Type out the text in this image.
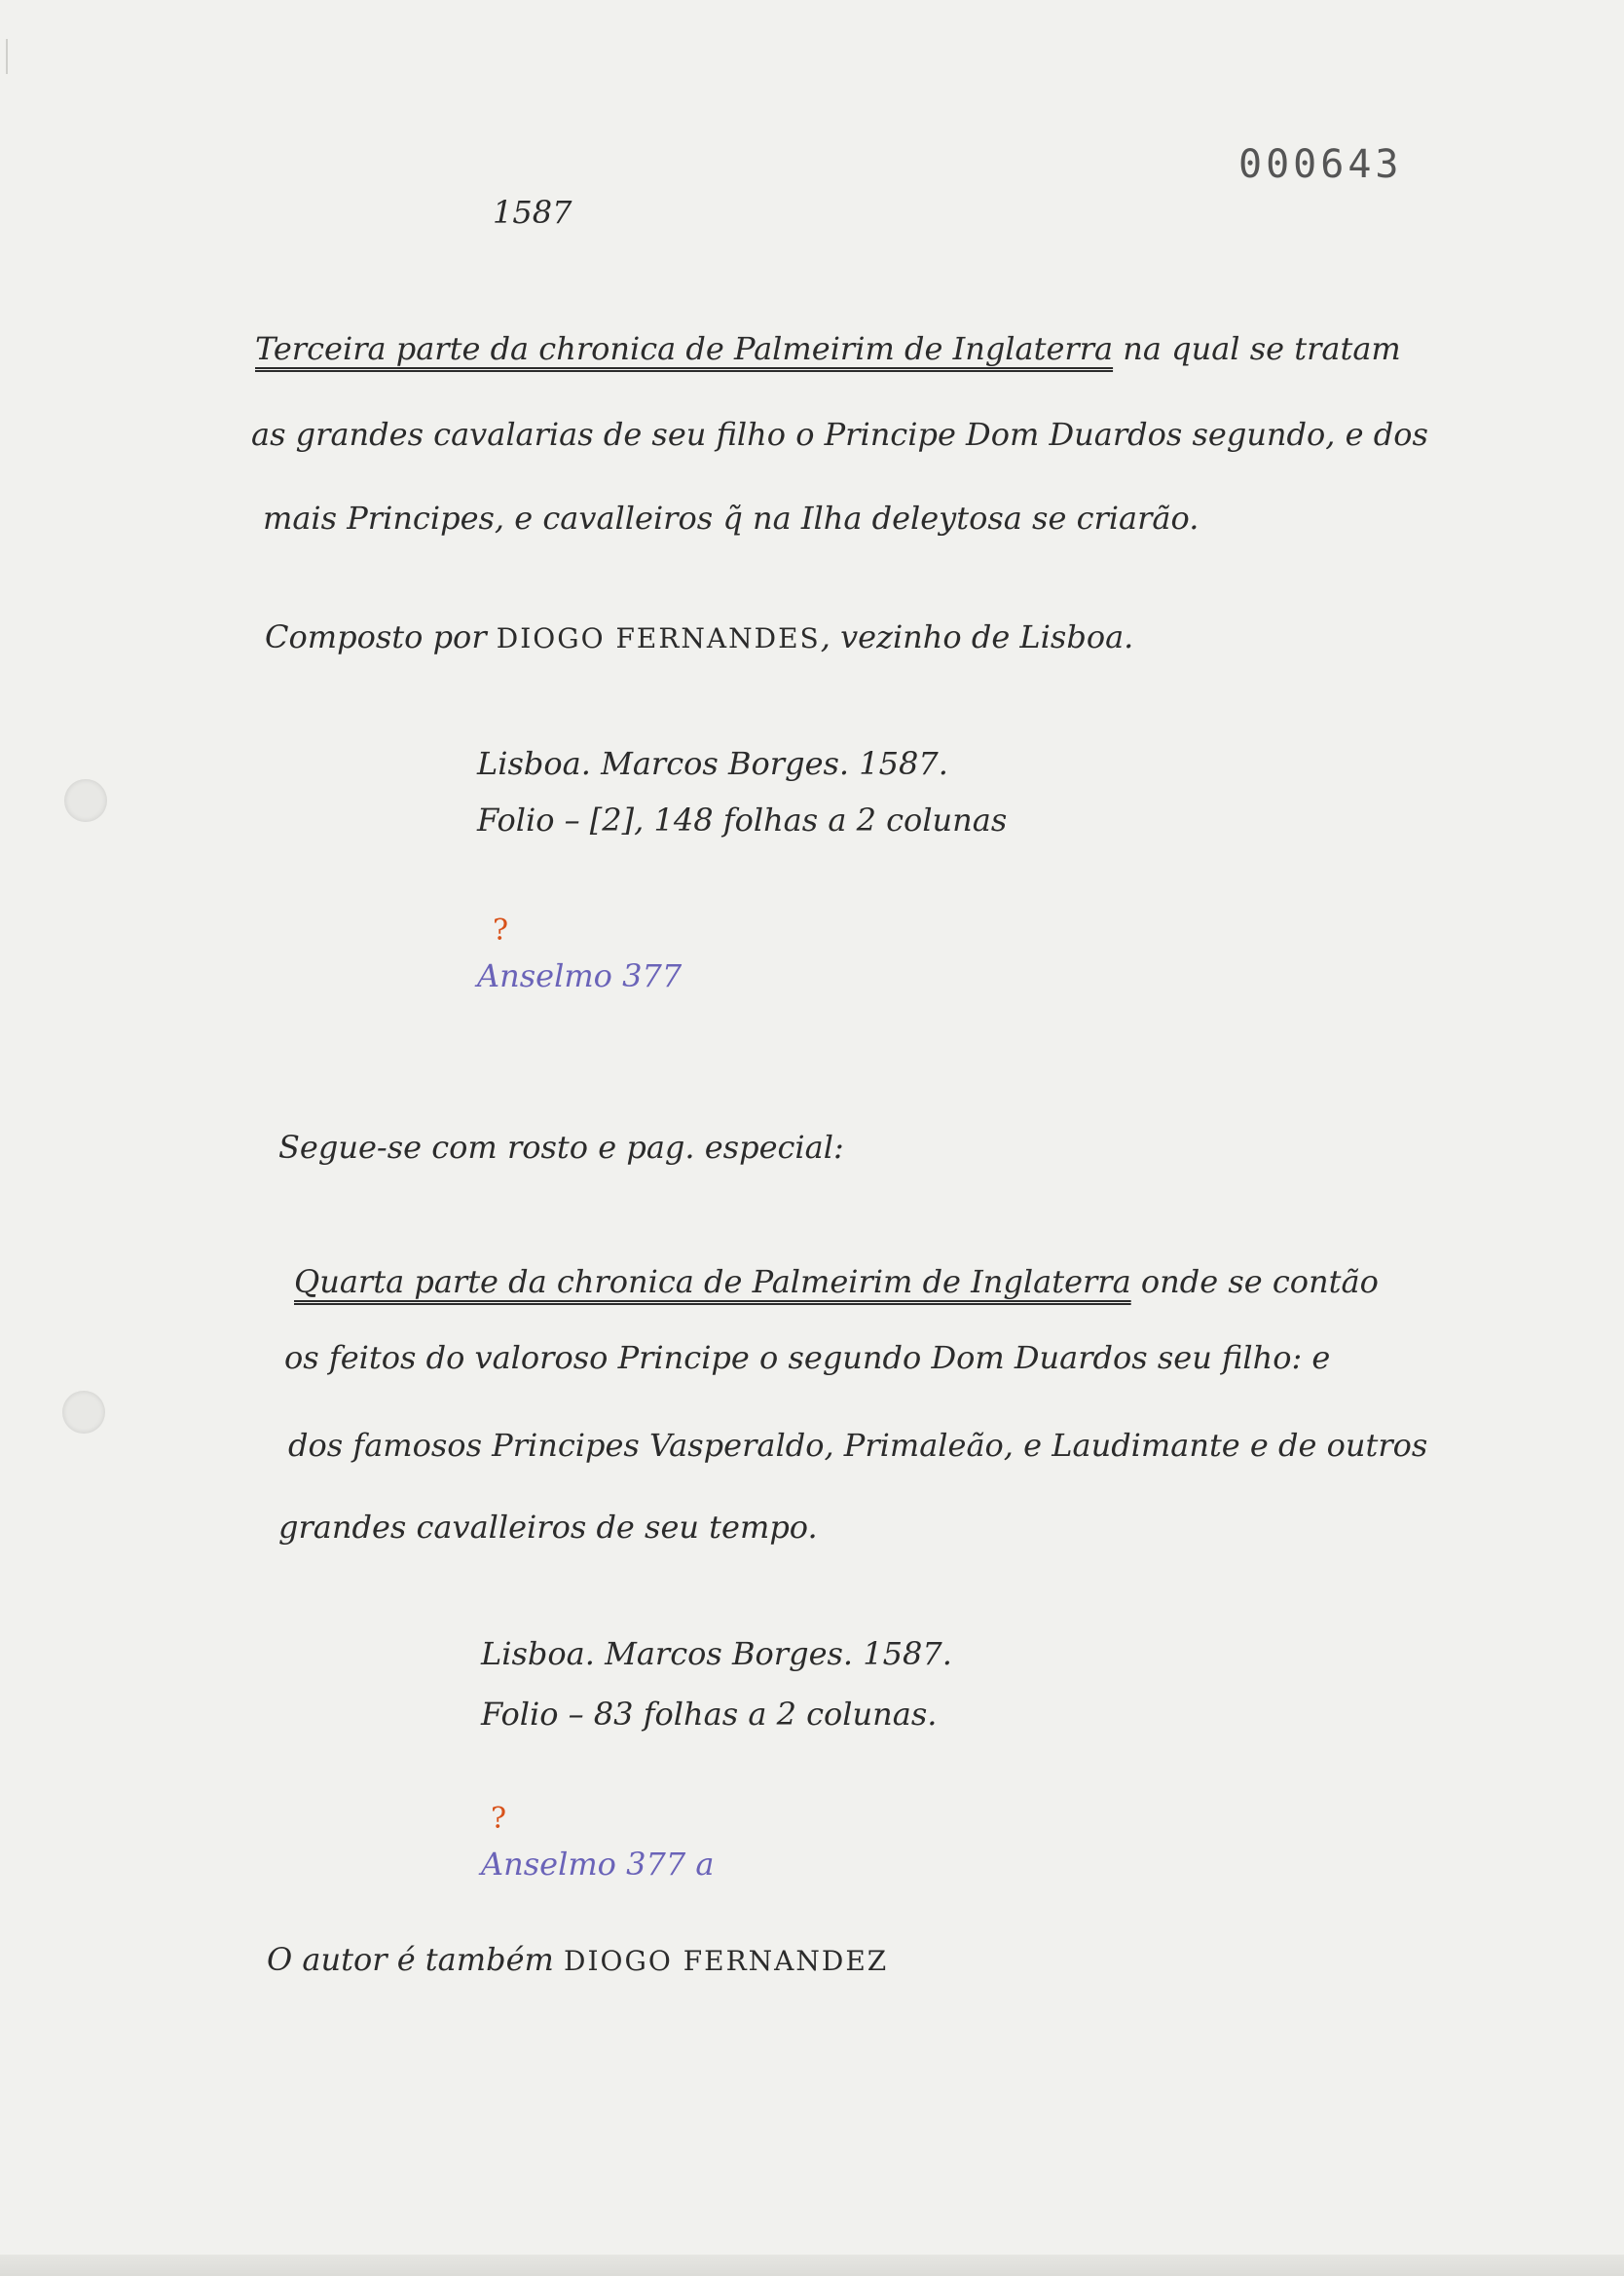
000643

1587

Terceira parte da chronica de Palmeirim de Inglaterra na qual se tratam

as grandes cavalarias de seu filho o Principe Dom Duardos segundo, e dos

mais Principes, e cavalleiros q̃ na Ilha deleytosa se criarão.

Composto por DIOGO FERNANDES, vezinho de Lisboa.

Lisboa. Marcos Borges. 1587.

Folio – [2], 148 folhas a 2 colunas

?

Anselmo 377

Segue-se com rosto e pag. especial:

Quarta parte da chronica de Palmeirim de Inglaterra onde se contão

os feitos do valoroso Principe o segundo Dom Duardos seu filho: e

dos famosos Principes Vasperaldo, Primaleão, e Laudimante e de outros

grandes cavalleiros de seu tempo.

Lisboa. Marcos Borges. 1587.

Folio – 83 folhas a 2 colunas.

?

Anselmo 377 a

O autor é também DIOGO FERNANDEZ
